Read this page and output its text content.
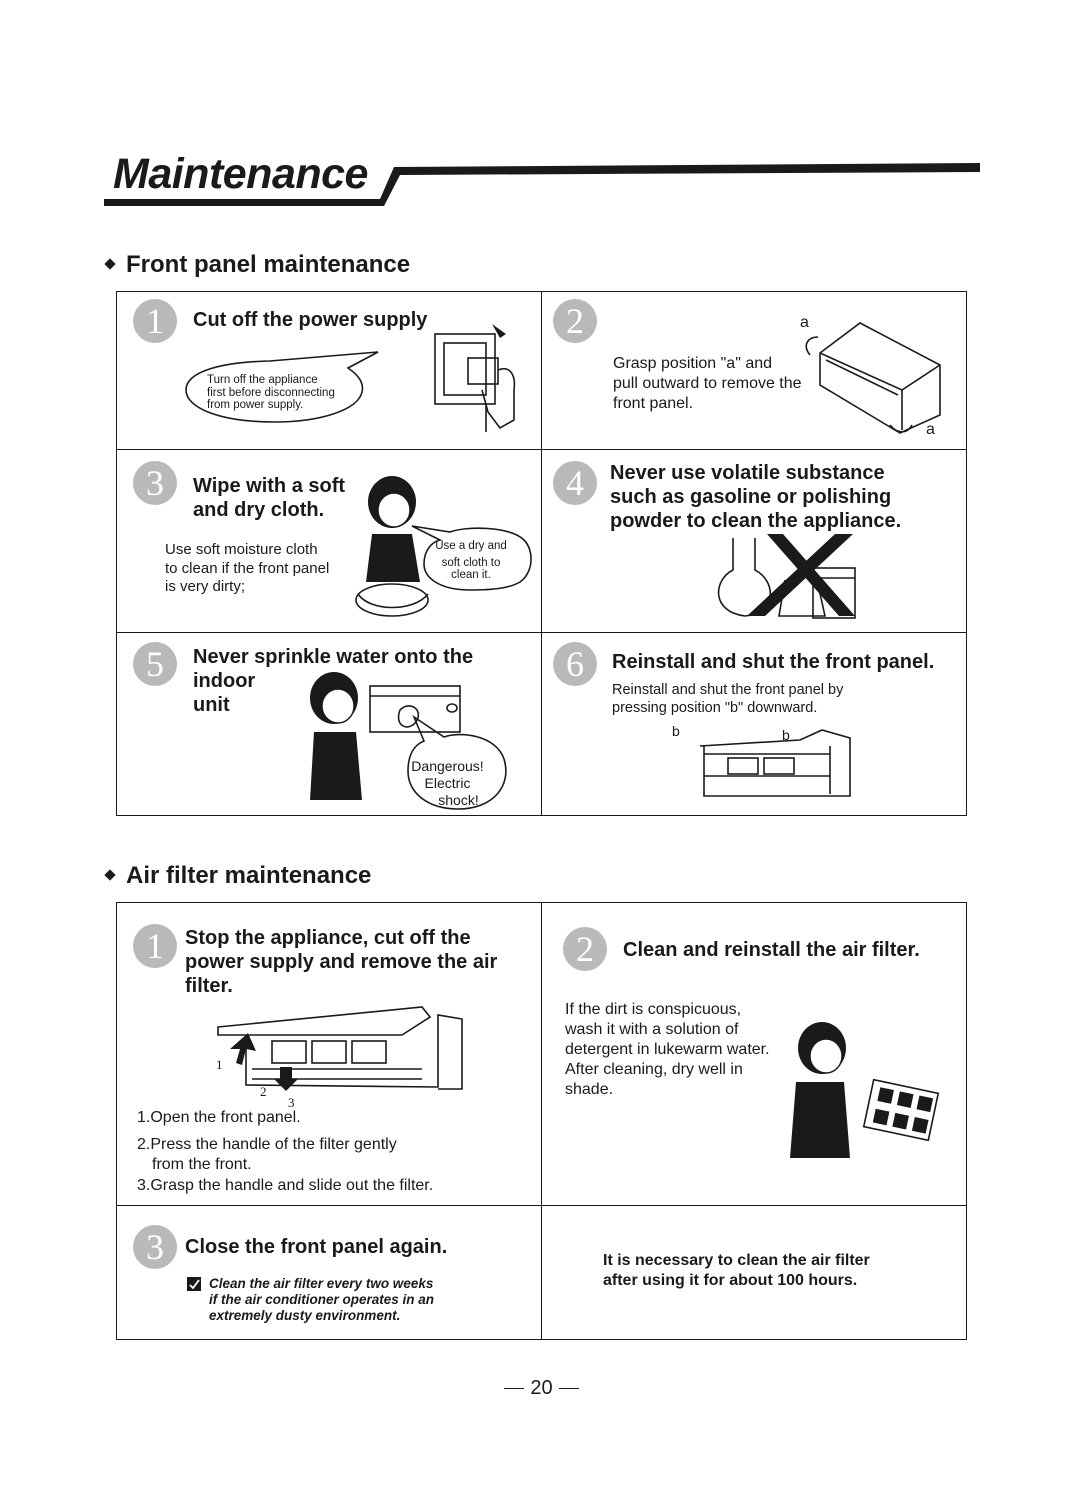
Maintenance
Front panel maintenance
1	Cut off the power supply
Turn off the appliance
first before disconnecting
from power supply.
2
Grasp position "a" and
pull outward to remove the
front panel.
a
a
3	Wipe with a soft
and dry cloth.
Use soft moisture cloth
to clean if the front panel
is very dirty;
Use a dry and
soft cloth to
clean it.
4	Never use volatile substance
such as gasoline or polishing
powder to clean the appliance.
5	Never sprinkle water onto the
indoor
unit
Dangerous!
Electric
shock!
6	Reinstall and shut the front panel.
Reinstall and shut the front panel by
pressing position "b" downward.
b	b
Air filter maintenance
1	Stop the appliance, cut off the
power supply and remove the air
filter.
1
2
3
1.Open the front panel.
2.Press the handle of the filter gently
from the front.
3.Grasp the handle and slide out the filter.
2	Clean and reinstall the air filter.
If the dirt is conspicuous,
wash it with a solution of
detergent in lukewarm water.
After cleaning, dry well in
shade.
3	Close the front panel again.
Clean the air filter every two weeks
if the air conditioner operates in an
extremely dusty environment.
It is necessary to clean the air filter
after using it for about 100 hours.
20
